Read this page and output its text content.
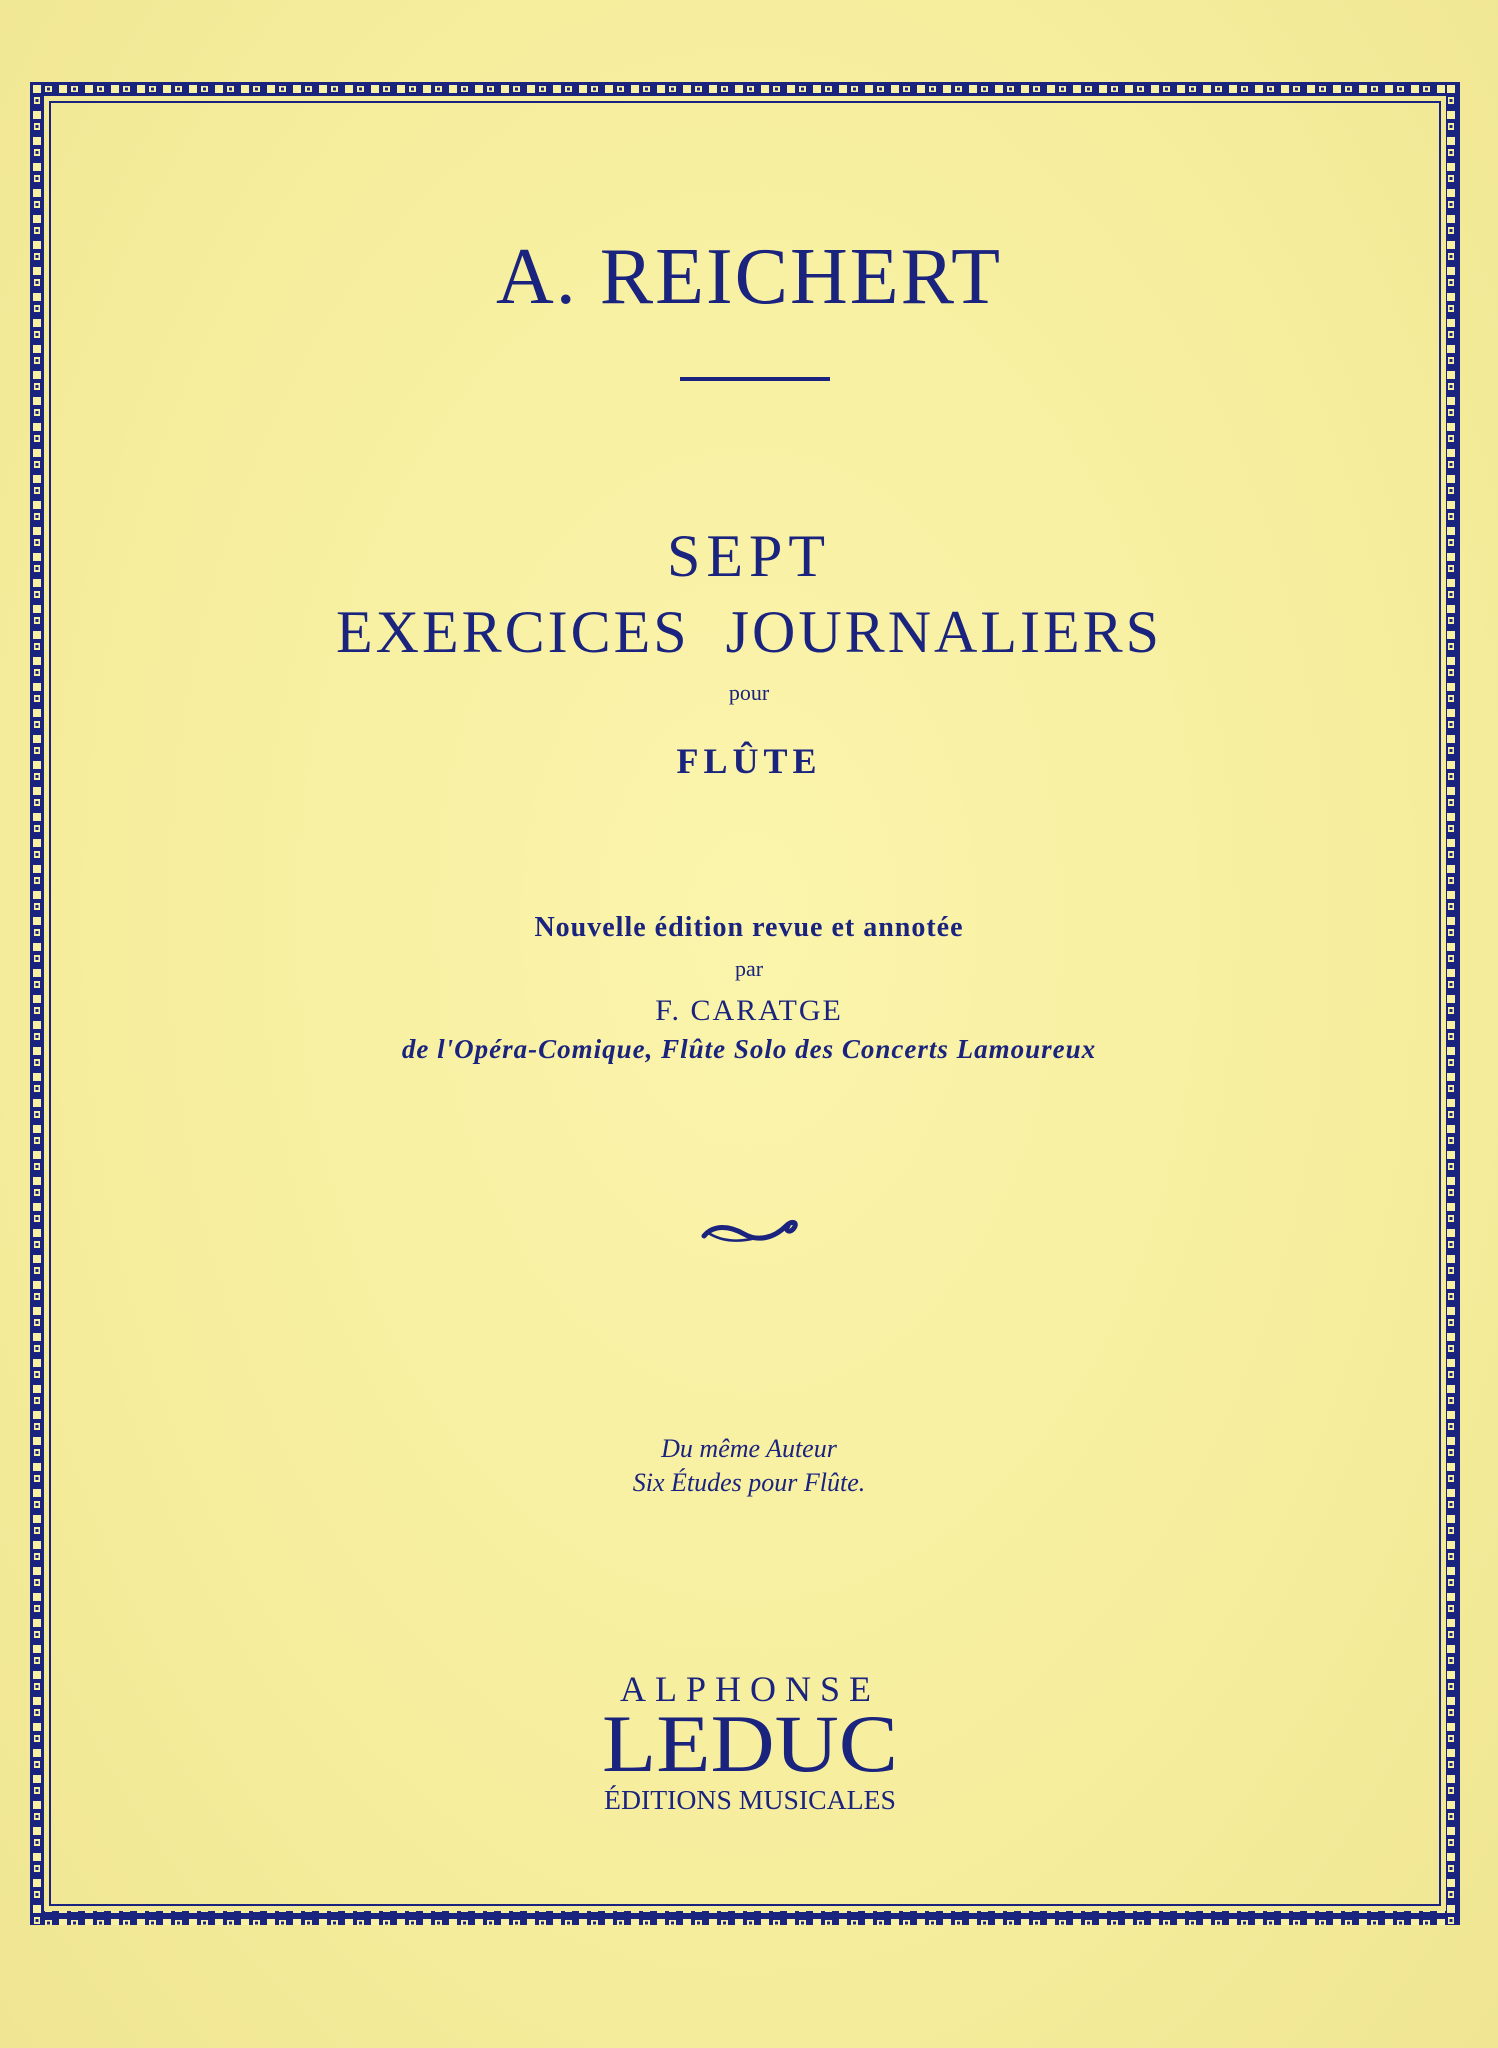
A. REICHERT
SEPT
EXERCICES JOURNALIERS
pour
FLÛTE
Nouvelle édition revue et annotée
par
F. CARATGE
de l'Opéra-Comique, Flûte Solo des Concerts Lamoureux
Du même Auteur
Six Études pour Flûte.
ALPHONSE
LEDUC
ÉDITIONS MUSICALES
